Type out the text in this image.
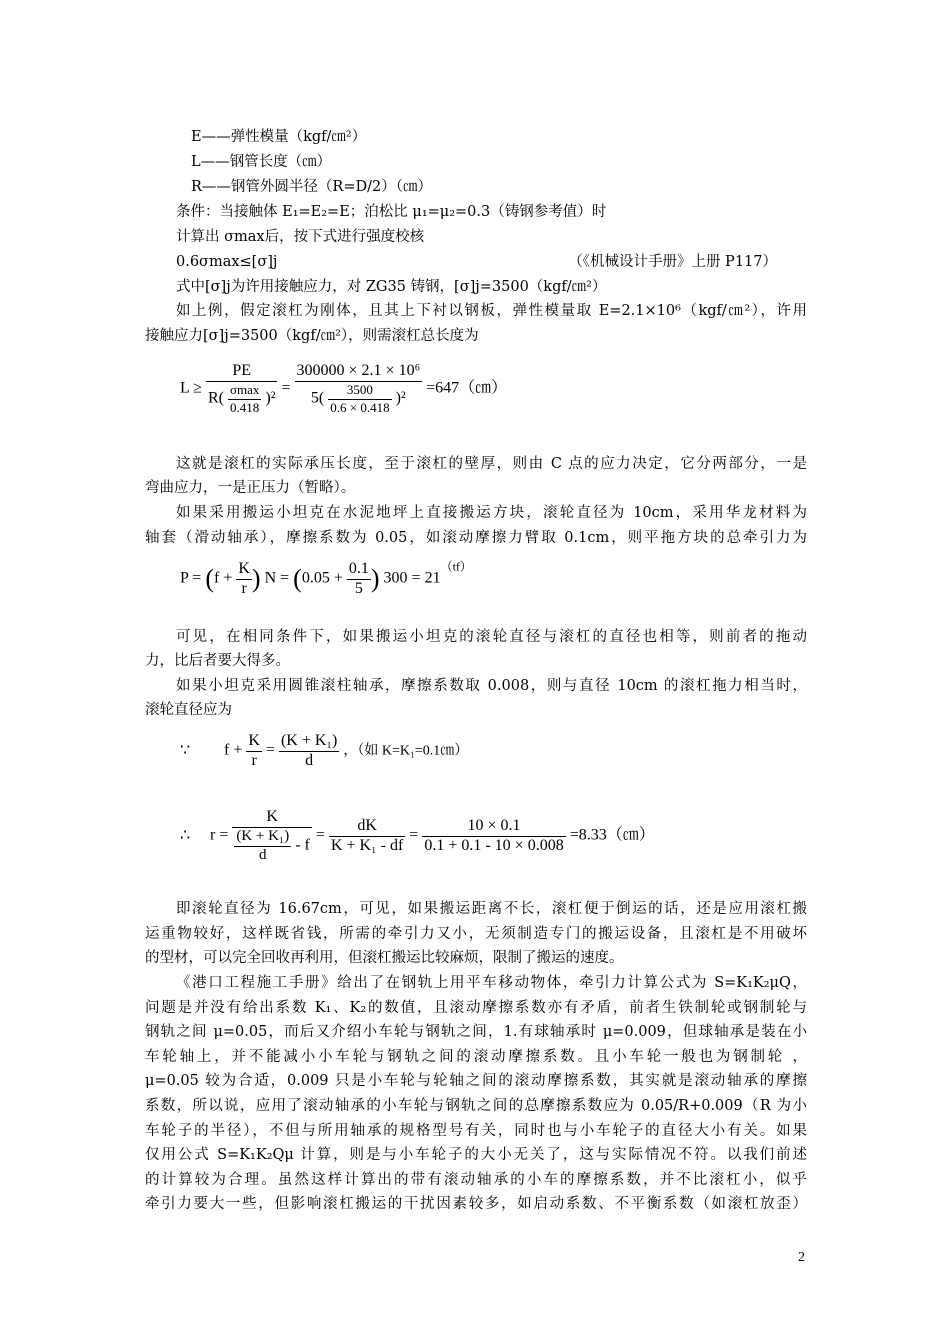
E——弹性模量（kgf/㎝²）
L——钢管长度（㎝）
R——钢管外圆半径（R=D/2）（㎝）
条件：当接触体 E₁=E₂=E；泊松比 μ₁=μ₂=0.3（铸钢参考值）时
计算出 σmax后，按下式进行强度校核
0.6σmax≤[σ]j	（《机械设计手册》上册 P117）
式中[σ]j为许用接触应力，对 ZG35 铸钢，[σ]j=3500（kgf/㎝²）
如上例，假定滚杠为刚体，且其上下衬以钢板，弹性模量取 E=2.1×10⁶（kgf/㎝²），许用
接触应力[σ]j=3500（kgf/㎝²），则需滚杠总长度为
$L \ge \frac{PE}{R( \frac{\sigma\max}{0.418} )^2} = \frac{\text{300000 × 2.1 × 10⁶}}{5( \frac{3500}{0.6 \times 0.418} )^2}$ =647（㎝）
这就是滚杠的实际承压长度，至于滚杠的壁厚，则由 C 点的应力决定，它分两部分，一是
弯曲应力，一是正压力（暂略）。
如果采用搬运小坦克在水泥地坪上直接搬运方块，滚轮直径为 10cm，采用华龙材料为
轴套（滑动轴承），摩擦系数为 0.05，如滚动摩擦力臂取 0.1cm，则平拖方块的总牵引力为
$P = (f + \frac{K}{r}$ ) $N = (0.05 + \frac{0.1}{5}$ ) $300 = 21^{(tf)}$
可见，在相同条件下，如果搬运小坦克的滚轮直径与滚杠的直径也相等，则前者的拖动
力，比后者要大得多。
如果小坦克采用圆锥滚柱轴承，摩擦系数取 0.008，则与直径 10cm 的滚杠拖力相当时，
滚轮直径应为
∵ $f + \frac{K}{r} = \frac{\text{(K + K₁)}}{d}$ ，（如 K=K₁=0.1㎝）
∴ $r = \frac{K}{\frac{\text{(K + K₁)}}{d} - f} = \frac{dK}{\text{K + K₁ - df}} = \frac{10 \times 0.1}{0.1 + 0.1 - 10 \times 0.008}$ =8.33（㎝）
即滚轮直径为 16.67cm，可见，如果搬运距离不长，滚杠便于倒运的话，还是应用滚杠搬
运重物较好，这样既省钱，所需的牵引力又小，无须制造专门的搬运设备，且滚杠是不用破坏
的型材，可以完全回收再利用，但滚杠搬运比较麻烦，限制了搬运的速度。
《港口工程施工手册》给出了在钢轨上用平车移动物体，牵引力计算公式为 S=K₁K₂μQ，
问题是并没有给出系数 K₁、K₂的数值，且滚动摩擦系数亦有矛盾，前者生铁制轮或钢制轮与
钢轨之间 μ=0.05，而后又介绍小车轮与钢轨之间，1.有球轴承时 μ=0.009，但球轴承是装在小
车轮轴上，并不能减小小车轮与钢轨之间的滚动摩擦系数。且小车轮一般也为钢制轮 ，
μ=0.05 较为合适，0.009 只是小车轮与轮轴之间的滚动摩擦系数，其实就是滚动轴承的摩擦
系数，所以说，应用了滚动轴承的小车轮与钢轨之间的总摩擦系数应为 0.05/R+0.009（R 为小
车轮子的半径），不但与所用轴承的规格型号有关，同时也与小车轮子的直径大小有关。如果
仅用公式 S=K₁K₂Qμ 计算，则是与小车轮子的大小无关了，这与实际情况不符。以我们前述
的计算较为合理。虽然这样计算出的带有滚动轴承的小车的摩擦系数，并不比滚杠小，似乎
牵引力要大一些，但影响滚杠搬运的干扰因素较多，如启动系数、不平衡系数（如滚杠放歪）
2
